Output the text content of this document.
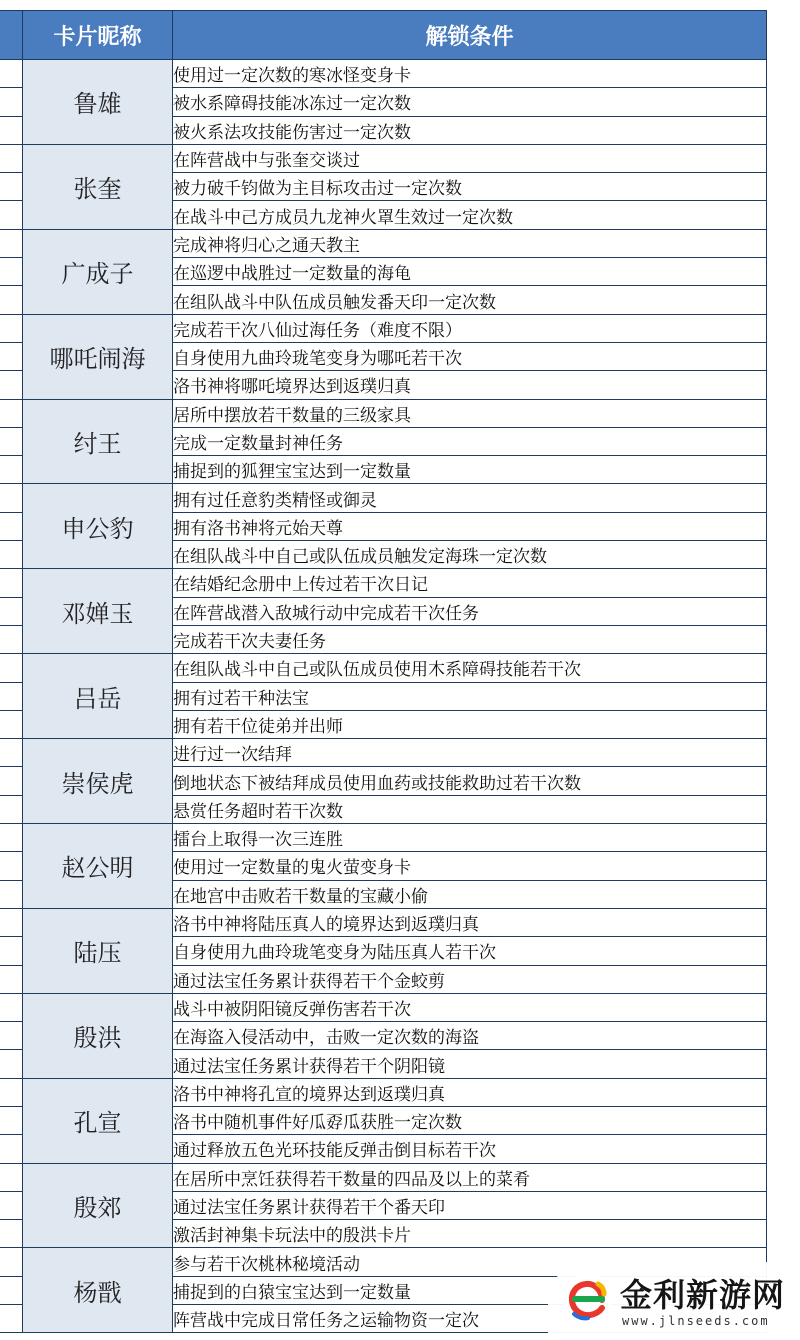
	卡片昵称	解锁条件
	鲁雄	使用过一定次数的寒冰怪变身卡
		被水系障碍技能冰冻过一定次数
		被火系法攻技能伤害过一定次数
	张奎	在阵营战中与张奎交谈过
		被力破千钧做为主目标攻击过一定次数
		在战斗中己方成员九龙神火罩生效过一定次数
	广成子	完成神将归心之通天教主
		在巡逻中战胜过一定数量的海龟
		在组队战斗中队伍成员触发番天印一定次数
	哪吒闹海	完成若干次八仙过海任务（难度不限）
		自身使用九曲玲珑笔变身为哪吒若干次
		洛书神将哪吒境界达到返璞归真
	纣王	居所中摆放若干数量的三级家具
		完成一定数量封神任务
		捕捉到的狐狸宝宝达到一定数量
	申公豹	拥有过任意豹类精怪或御灵
		拥有洛书神将元始天尊
		在组队战斗中自己或队伍成员触发定海珠一定次数
	邓婵玉	在结婚纪念册中上传过若干次日记
		在阵营战潜入敌城行动中完成若干次任务
		完成若干次夫妻任务
	吕岳	在组队战斗中自己或队伍成员使用木系障碍技能若干次
		拥有过若干种法宝
		拥有若干位徒弟并出师
	崇侯虎	进行过一次结拜
		倒地状态下被结拜成员使用血药或技能救助过若干次数
		悬赏任务超时若干次数
	赵公明	擂台上取得一次三连胜
		使用过一定数量的鬼火萤变身卡
		在地宫中击败若干数量的宝藏小偷
	陆压	洛书中神将陆压真人的境界达到返璞归真
		自身使用九曲玲珑笔变身为陆压真人若干次
		通过法宝任务累计获得若干个金蛟剪
	殷洪	战斗中被阴阳镜反弹伤害若干次
		在海盗入侵活动中，击败一定次数的海盗
		通过法宝任务累计获得若干个阴阳镜
	孔宣	洛书中神将孔宣的境界达到返璞归真
		洛书中随机事件好瓜孬瓜获胜一定次数
		通过释放五色光环技能反弹击倒目标若干次
	殷郊	在居所中烹饪获得若干数量的四品及以上的菜肴
		通过法宝任务累计获得若干个番天印
		激活封神集卡玩法中的殷洪卡片
	杨戬	参与若干次桃林秘境活动
		捕捉到的白猿宝宝达到一定数量
		阵营战中完成日常任务之运输物资一定次
金利新游网
www.jlnseeds.com
